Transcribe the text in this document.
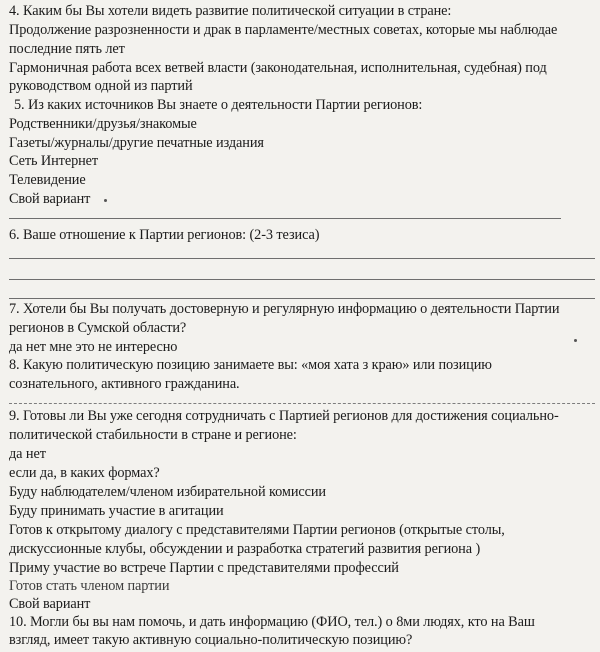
4. Каким бы Вы хотели видеть развитие политической ситуации в стране:
Продолжение разрозненности и драк в парламенте/местных советах, которые мы наблюдае
последние пять лет
Гармоничная работа всех ветвей власти (законодательная, исполнительная, судебная) под
руководством одной из партий
5. Из каких источников Вы знаете о деятельности Партии регионов:
Родственники/друзья/знакомые
Газеты/журналы/другие печатные издания
Сеть Интернет
Телевидение
Свой вариант
6. Ваше отношение к Партии регионов: (2-3 тезиса)
7. Хотели бы Вы получать достоверную и регулярную информацию о деятельности Партии
регионов в Сумской области?
да нет мне это не интересно
8. Какую политическую позицию занимаете вы: «моя хата з краю» или позицию
сознательного, активного гражданина.
9. Готовы ли Вы уже сегодня сотрудничать с Партией регионов для достижения социально-
политической стабильности в стране и регионе:
да нет
если да, в каких формах?
Буду наблюдателем/членом избирательной комиссии
Буду принимать участие в агитации
Готов к открытому диалогу с представителями Партии регионов (открытые столы,
дискуссионные клубы, обсуждении и разработка стратегий развития региона )
Приму участие во встрече Партии с представителями профессий
Готов стать членом партии
Свой вариант
10. Могли бы вы нам помочь, и дать информацию (ФИО, тел.) о 8ми людях, кто на Ваш
взгляд, имеет такую активную социально-политическую позицию?
